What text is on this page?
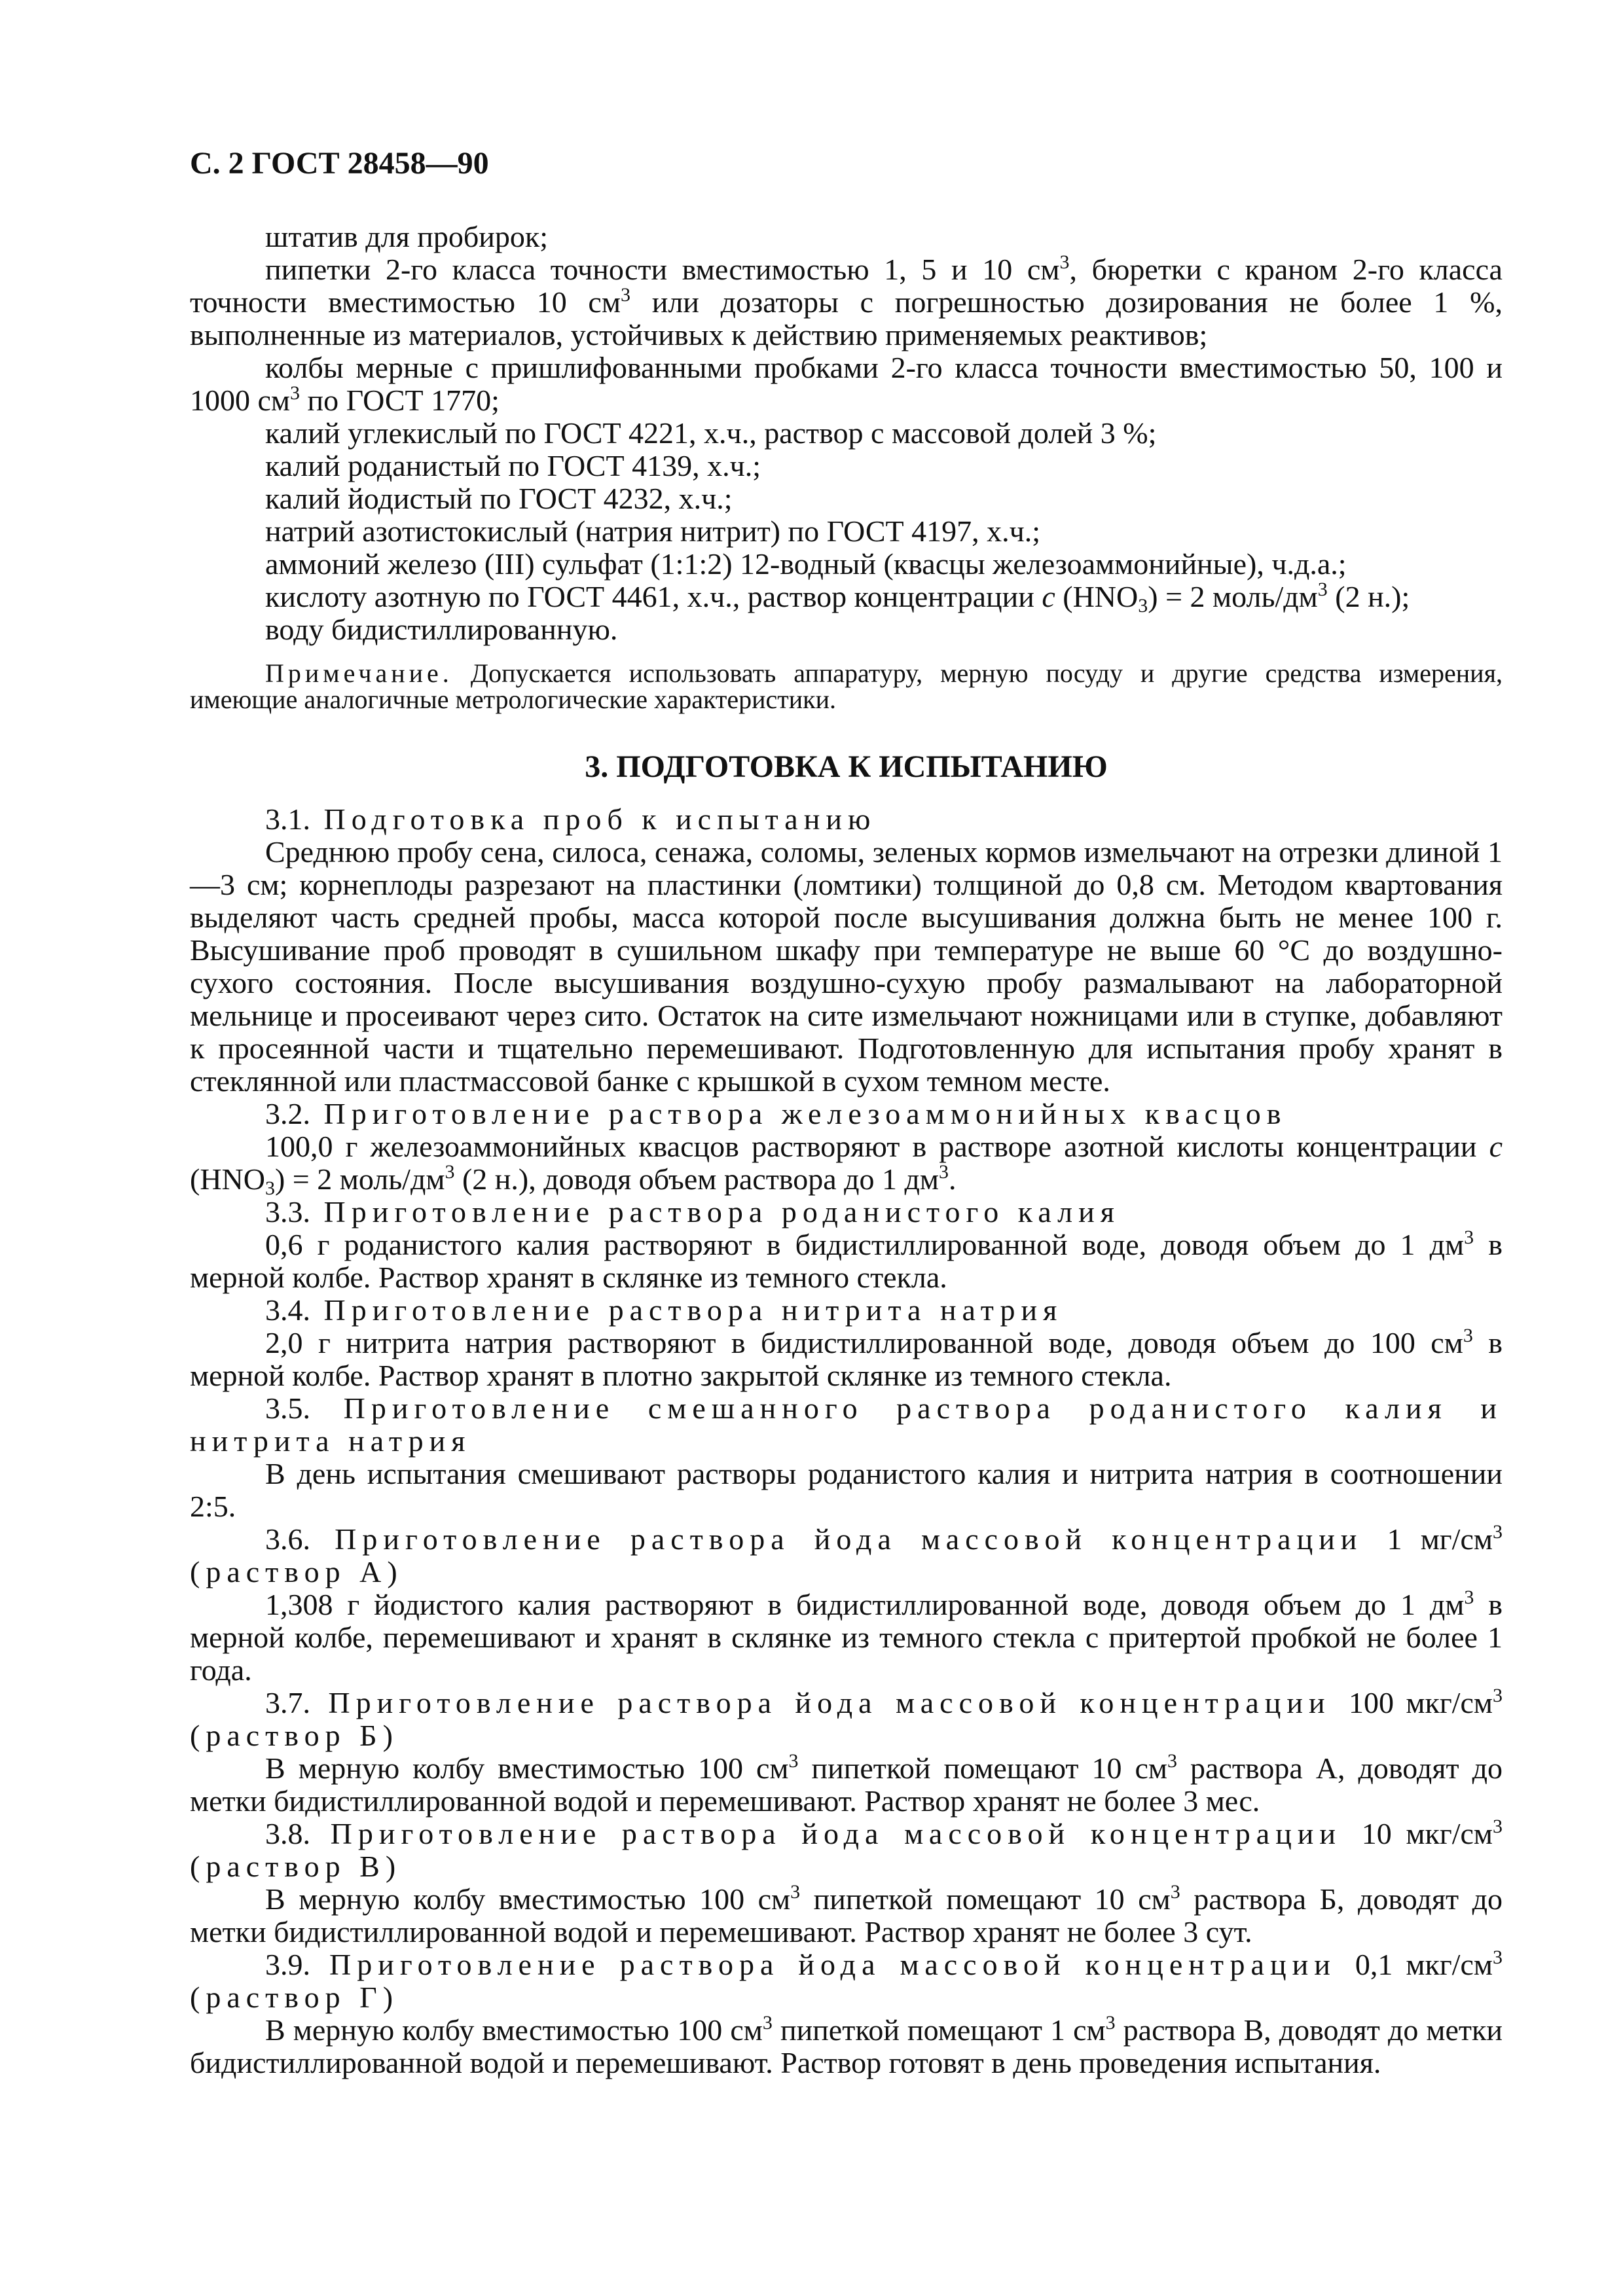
С. 2 ГОСТ 28458—90

штатив для пробирок;

пипетки 2-го класса точности вместимостью 1, 5 и 10 $см^3$, бюретки с краном 2-го класса точности вместимостью 10 $см^3$ или дозаторы с погрешностью дозирования не более 1 %, выполненные из материалов, устойчивых к действию применяемых реактивов;

колбы мерные с пришлифованными пробками 2-го класса точности вместимостью 50, 100 и 1000 $см^3$ по ГОСТ 1770;

калий углекислый по ГОСТ 4221, х.ч., раствор с массовой долей 3 %;

калий роданистый по ГОСТ 4139, х.ч.;

калий йодистый по ГОСТ 4232, х.ч.;

натрий азотистокислый (натрия нитрит) по ГОСТ 4197, х.ч.;

аммоний железо (III) сульфат (1:1:2) 12-водный (квасцы железоаммонийные), ч.д.а.;

кислоту азотную по ГОСТ 4461, х.ч., раствор концентрации c $(HNO_3) = 2$ моль/$дм^3$ (2 н.);

воду бидистиллированную.

Примечание. Допускается использовать аппаратуру, мерную посуду и другие средства измерения, имеющие аналогичные метрологические характеристики.
3. ПОДГОТОВКА К ИСПЫТАНИЮ

3.1. Подготовка проб к испытанию

Среднюю пробу сена, силоса, сенажа, соломы, зеленых кормов измельчают на отрезки длиной 1—3 см; корнеплоды разрезают на пластинки (ломтики) толщиной до 0,8 см. Методом квартования выделяют часть средней пробы, масса которой после высушивания должна быть не менее 100 г. Высушивание проб проводят в сушильном шкафу при температуре не выше 60 °С до воздушно-сухого состояния. После высушивания воздушно-сухую пробу размалывают на лабораторной мельнице и просеивают через сито. Остаток на сите измельчают ножницами или в ступке, добавляют к просеянной части и тщательно перемешивают. Подготовленную для испытания пробу хранят в стеклянной или пластмассовой банке с крышкой в сухом темном месте.

3.2. Приготовление раствора железоаммонийных квасцов

100,0 г железоаммонийных квасцов растворяют в растворе азотной кислоты концентрации c $(HNO_3) = 2$ моль/$дм^3$ (2 н.), доводя объем раствора до 1 $дм^3$.

3.3. Приготовление раствора роданистого калия

0,6 г роданистого калия растворяют в бидистиллированной воде, доводя объем до 1 $дм^3$ в мерной колбе. Раствор хранят в склянке из темного стекла.

3.4. Приготовление раствора нитрита натрия

2,0 г нитрита натрия растворяют в бидистиллированной воде, доводя объем до 100 $см^3$ в мерной колбе. Раствор хранят в плотно закрытой склянке из темного стекла.

3.5. Приготовление смешанного раствора роданистого калия и нитрита натрия

В день испытания смешивают растворы роданистого калия и нитрита натрия в соотношении 2:5.

3.6. Приготовление раствора йода массовой концентрации 1 $мг/см^3$ (раствор А)

1,308 г йодистого калия растворяют в бидистиллированной воде, доводя объем до 1 $дм^3$ в мерной колбе, перемешивают и хранят в склянке из темного стекла с притертой пробкой не более 1 года.

3.7. Приготовление раствора йода массовой концентрации 100 мкг/$см^3$ (раствор Б)

В мерную колбу вместимостью 100 $см^3$ пипеткой помещают 10 $см^3$ раствора А, доводят до метки бидистиллированной водой и перемешивают. Раствор хранят не более 3 мес.

3.8. Приготовление раствора йода массовой концентрации 10 мкг/$см^3$ (раствор В)

В мерную колбу вместимостью 100 $см^3$ пипеткой помещают 10 $см^3$ раствора Б, доводят до метки бидистиллированной водой и перемешивают. Раствор хранят не более 3 сут.

3.9. Приготовление раствора йода массовой концентрации 0,1 мкг/$см^3$ (раствор Г)

В мерную колбу вместимостью 100 $см^3$ пипеткой помещают 1 $см^3$ раствора В, доводят до метки бидистиллированной водой и перемешивают. Раствор готовят в день проведения испытания.
